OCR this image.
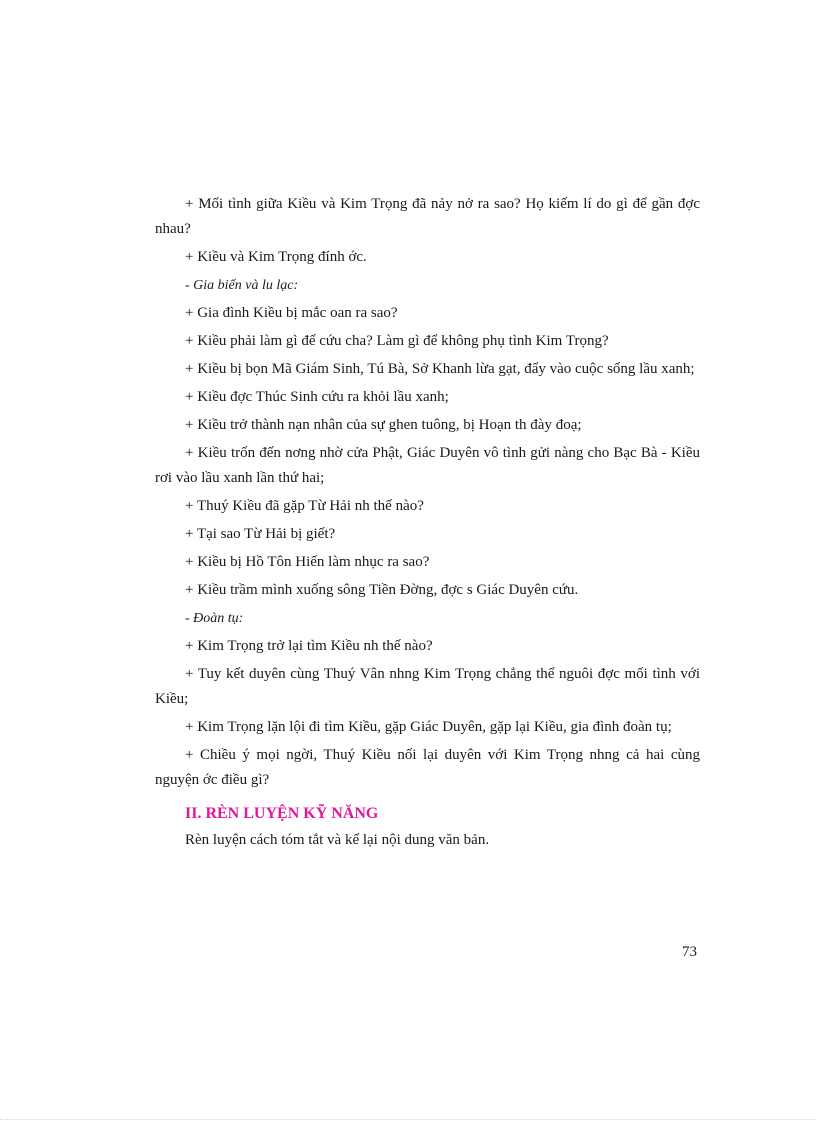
+ Mối tình giữa Kiều và Kim Trọng đã nảy nở ra sao? Họ kiếm lí do gì để gần đợc nhau?

+ Kiều và Kim Trọng đính ớc.

- Gia biến và lu lạc:

+ Gia đình Kiều bị mắc oan ra sao?

+ Kiều phải làm gì để cứu cha? Làm gì để không phụ tình Kim Trọng?

+ Kiều bị bọn Mã Giám Sinh, Tú Bà, Sở Khanh lừa gạt, đẩy vào cuộc sống lầu xanh;

+ Kiều đợc Thúc Sinh cứu ra khỏi lầu xanh;

+ Kiều trở thành nạn nhân của sự ghen tuông, bị Hoạn th đày đoạ;

+ Kiều trốn đến nơng nhờ cửa Phật, Giác Duyên vô tình gửi nàng cho Bạc Bà - Kiều rơi vào lầu xanh lần thứ hai;

+ Thuý Kiều đã gặp Từ Hải nh thế nào?

+ Tại sao Từ Hải bị giết?

+ Kiều bị Hồ Tôn Hiến làm nhục ra sao?

+ Kiều trầm mình xuống sông Tiền Đờng, đợc s Giác Duyên cứu.

- Đoàn tụ:

+ Kim Trọng trở lại tìm Kiều nh thế nào?

+ Tuy kết duyên cùng Thuý Vân nhng Kim Trọng chẳng thể nguôi đợc mối tình với Kiều;

+ Kim Trọng lặn lội đi tìm Kiều, gặp Giác Duyên, gặp lại Kiều, gia đình đoàn tụ;

+ Chiều ý mọi ngời, Thuý Kiều nối lại duyên với Kim Trọng nhng cả hai cùng nguyện ớc điều gì?

II. RÈN LUYỆN KỸ NĂNG

Rèn luyện cách tóm tắt và kể lại nội dung văn bản.

73
